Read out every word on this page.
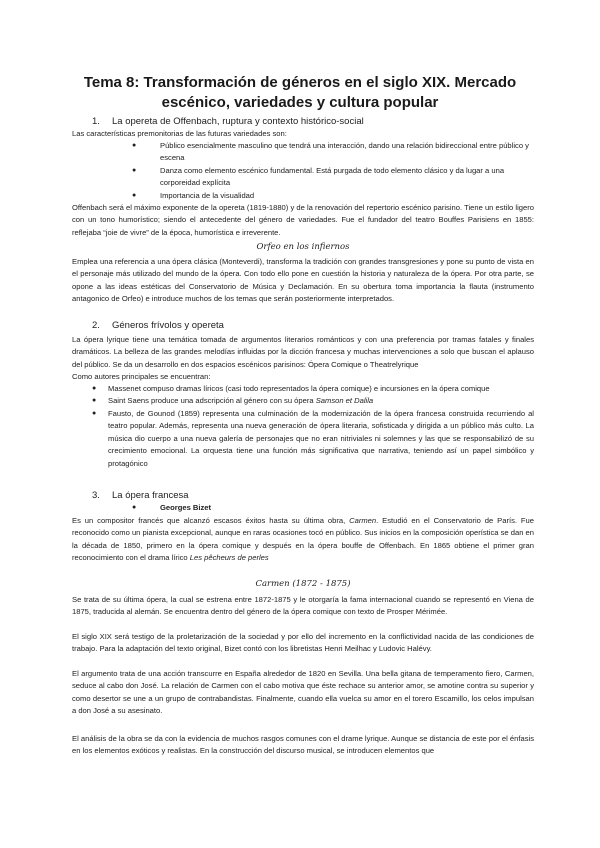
Tema 8: Transformación de géneros en el siglo XIX. Mercado escénico, variedades y cultura popular
1. La opereta de Offenbach, ruptura y contexto histórico-social
Las características premonitorias de las futuras variedades son:
●	Público esencialmente masculino que tendrá una interacción, dando una relación bidireccional entre público y escena
●	Danza como elemento escénico fundamental. Está purgada de todo elemento clásico y da lugar a una corporeidad explícita
●	Importancia de la visualidad
Offenbach será el máximo exponente de la opereta (1819-1880) y de la renovación del repertorio escénico parisino. Tiene un estilo ligero con un tono humorístico; siendo el antecedente del género de variedades. Fue el fundador del teatro Bouffes Parisiens en 1855: reflejaba “joie de vivre” de la época, humorística e irreverente.
Orfeo en los infiernos
Emplea una referencia a una ópera clásica (Monteverdi), transforma la tradición con grandes transgresiones y pone su punto de vista en el personaje más utilizado del mundo de la ópera. Con todo ello pone en cuestión la historia y naturaleza de la ópera. Por otra parte, se opone a las ideas estéticas del Conservatorio de Música y Declamación. En su obertura toma importancia la flauta (instrumento antagonico de Orfeo) e introduce muchos de los temas que serán posteriormente interpretados.
2. Géneros frívolos y opereta
La ópera lyrique tiene una temática tomada de argumentos literarios románticos y con una preferencia por tramas fatales y finales dramáticos. La belleza de las grandes melodías influidas por la dicción francesa y muchas intervenciones a solo que buscan el aplauso del público. Se da un desarrollo en dos espacios escénicos parisinos: Ópera Comique o Theatrelyrique
Como autores principales se encuentran:
● Massenet compuso dramas líricos (casi todo representados la ópera comique) e incursiones en la ópera comique
● Saint Saens produce una adscripción al género con su ópera Samson et Dalila
● Fausto, de Gounod (1859) representa una culminación de la modernización de la ópera francesa construida recurriendo al teatro popular. Además, representa una nueva generación de ópera literaria, sofisticada y dirigida a un público más culto. La música dio cuerpo a una nueva galería de personajes que no eran nitriviales ni solemnes y las que se responsabilizó de su crecimiento emocional. La orquesta tiene una función más significativa que narrativa, teniendo así un papel simbólico y protagónico
3. La ópera francesa
●	Georges Bizet
Es un compositor francés que alcanzó escasos éxitos hasta su última obra, Carmen. Estudió en el Conservatorio de París. Fue reconocido como un pianista excepcional, aunque en raras ocasiones tocó en público. Sus inicios en la composición operística se dan en la década de 1850, primero en la ópera comique y después en la ópera bouffe de Offenbach. En 1865 obtiene el primer gran reconocimiento con el drama lírico Les pêcheurs de perles
Carmen (1872 - 1875)
Se trata de su última ópera, la cual se estrena entre 1872-1875 y le otorgaría la fama internacional cuando se representó en Viena de 1875, traducida al alemán. Se encuentra dentro del género de la ópera comique con texto de Prosper Mérimée.
El siglo XIX será testigo de la proletarización de la sociedad y por ello del incremento en la conflictividad nacida de las condiciones de trabajo. Para la adaptación del texto original, Bizet contó con los libretistas Henri Meilhac y Ludovic Halévy.
El argumento trata de una acción transcurre en España alrededor de 1820 en Sevilla. Una bella gitana de temperamento fiero, Carmen, seduce al cabo don José. La relación de Carmen con el cabo motiva que éste rechace su anterior amor, se amotine contra su superior y como desertor se une a un grupo de contrabandistas. Finalmente, cuando ella vuelca su amor en el torero Escamillo, los celos impulsan a don José a su asesinato.
El análisis de la obra se da con la evidencia de muchos rasgos comunes con el drame lyrique. Aunque se distancia de este por el énfasis en los elementos exóticos y realistas. En la construcción del discurso musical, se introducen elementos que
